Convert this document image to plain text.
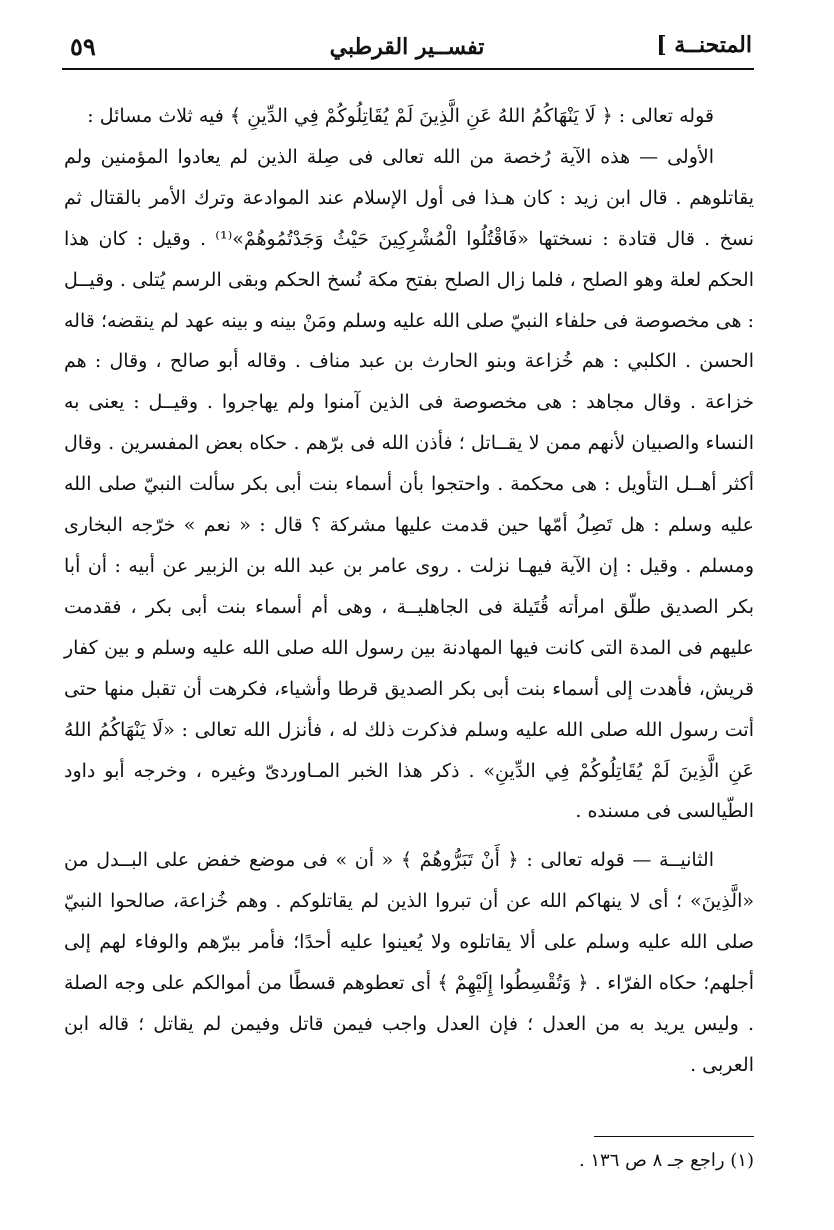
المتحنــة ]
تفســير القرطبي
٥٩

قوله تعالى : ﴿ لَا يَنْهَاكُمُ اللهُ عَنِ الَّذِينَ لَمْ يُقَاتِلُوكُمْ فِي الدِّينِ ﴾ فيه ثلاث مسائل :

الأولى — هذه الآية رُخصة من الله تعالى فى صِلة الذين لم يعادوا المؤمنين ولم يقاتلوهم . قال ابن زيد : كان هـذا فى أول الإسلام عند الموادعة وترك الأمر بالقتال ثم نسخ . قال قتادة : نسختها «فَاقْتُلُوا الْمُشْرِكِينَ حَيْثُ وَجَدْتُمُوهُمْ»⁽¹⁾ . وقيل : كان هذا الحكم لعلة وهو الصلح ، فلما زال الصلح بفتح مكة نُسخ الحكم وبقى الرسم يُتلى . وقيــل : هى مخصوصة فى حلفاء النبيّ صلى الله عليه وسلم ومَنْ بينه و بينه عهد لم ينقضه؛ قاله الحسن . الكلبي : هم خُزاعة وبنو الحارث بن عبد مناف . وقاله أبو صالح ، وقال : هم خزاعة . وقال مجاهد : هى مخصوصة فى الذين آمنوا ولم يهاجروا . وقيــل : يعنى به النساء والصبيان لأنهم ممن لا يقــاتل ؛ فأذن الله فى برّهم . حكاه بعض المفسرين . وقال أكثر أهــل التأويل : هى محكمة . واحتجوا بأن أسماء بنت أبى بكر سألت النبيّ صلى الله عليه وسلم : هل تَصِلُ أمّها حين قدمت عليها مشركة ؟ قال : « نعم » خرّجه البخارى ومسلم . وقيل : إن الآية فيهـا نزلت . روى عامر بن عبد الله بن الزبير عن أبيه : أن أبا بكر الصديق طلّق امرأته قُتَيلة فى الجاهليــة ، وهى أم أسماء بنت أبى بكر ، فقدمت عليهم فى المدة التى كانت فيها المهادنة بين رسول الله صلى الله عليه وسلم و بين كفار قريش، فأهدت إلى أسماء بنت أبى بكر الصديق قرطا وأشياء، فكرهت أن تقبل منها حتى أتت رسول الله صلى الله عليه وسلم فذكرت ذلك له ، فأنزل الله تعالى : «لَا يَنْهَاكُمُ اللهُ عَنِ الَّذِينَ لَمْ يُقَاتِلُوكُمْ فِي الدِّينِ» . ذكر هذا الخبر المـاوردىّ وغيره ، وخرجه أبو داود الطّيالسى فى مسنده .

الثانيــة — قوله تعالى : ﴿ أَنْ تَبَرُّوهُمْ ﴾ « أن » فى موضع خفض على البــدل من «الَّذِينَ» ؛ أى لا ينهاكم الله عن أن تبروا الذين لم يقاتلوكم . وهم خُزاعة، صالحوا النبيّ صلى الله عليه وسلم على ألا يقاتلوه ولا يُعينوا عليه أحدًا؛ فأمر ببرّهم والوفاء لهم إلى أجلهم؛ حكاه الفرّاء . ﴿ وَتُقْسِطُوا إِلَيْهِمْ ﴾ أى تعطوهم قسطًا من أموالكم على وجه الصلة . وليس يريد به من العدل ؛ فإن العدل واجب فيمن قاتل وفيمن لم يقاتل ؛ قاله ابن العربى .

(١) راجع جـ ٨ ص ١٣٦ .
